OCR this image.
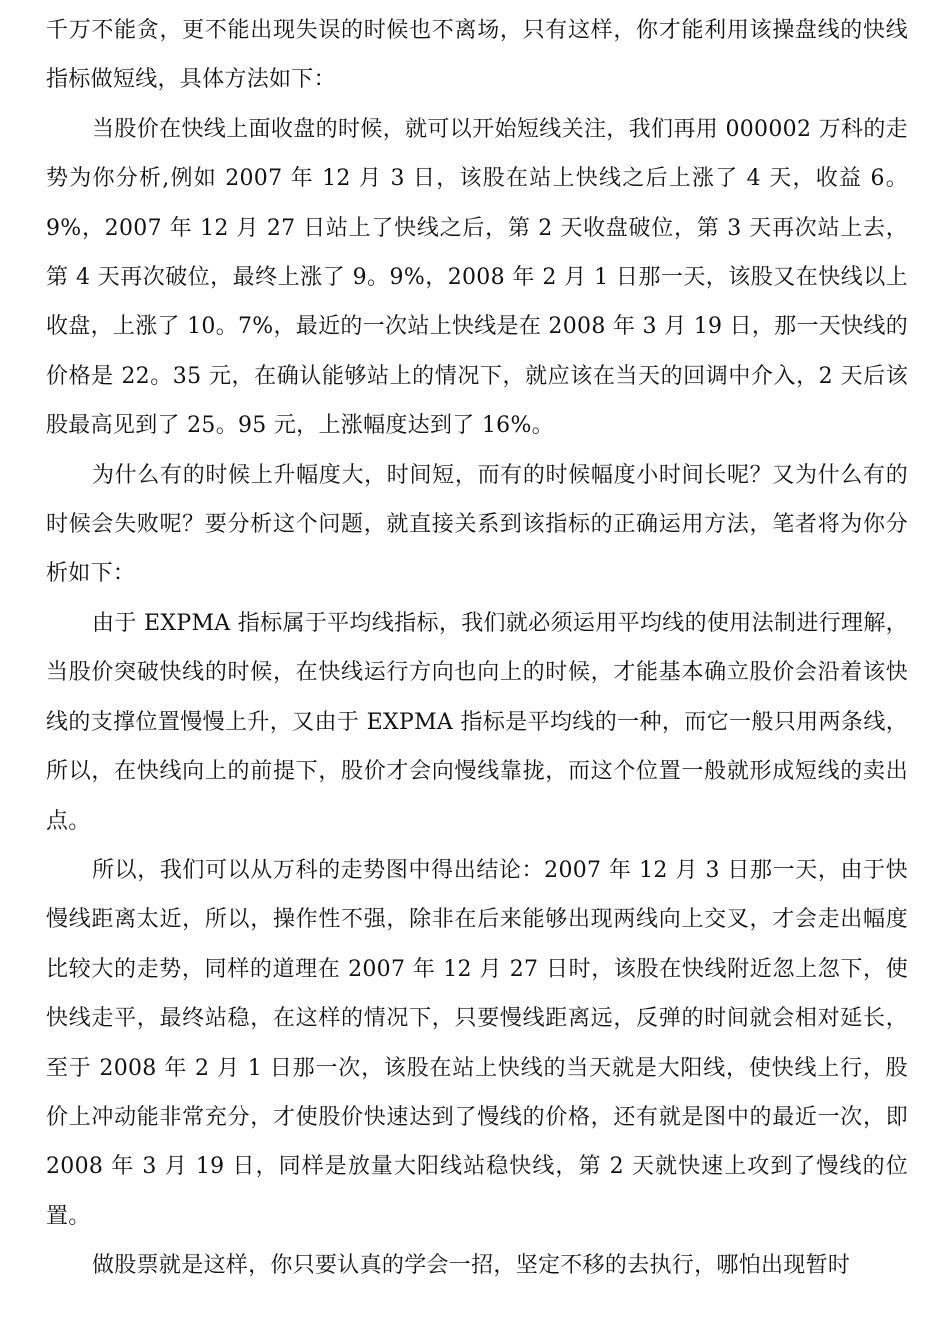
千万不能贪，更不能出现失误的时候也不离场，只有这样，你才能利用该操盘线的快线指标做短线，具体方法如下：

当股价在快线上面收盘的时候，就可以开始短线关注，我们再用 000002 万科的走势为你分析,例如 2007 年 12 月 3 日，该股在站上快线之后上涨了 4 天，收益 6。9%，2007 年 12 月 27 日站上了快线之后，第 2 天收盘破位，第 3 天再次站上去，第 4 天再次破位，最终上涨了 9。9%，2008 年 2 月 1 日那一天，该股又在快线以上收盘，上涨了 10。7%，最近的一次站上快线是在 2008 年 3 月 19 日，那一天快线的价格是 22。35 元，在确认能够站上的情况下，就应该在当天的回调中介入，2 天后该股最高见到了 25。95 元，上涨幅度达到了 16%。

为什么有的时候上升幅度大，时间短，而有的时候幅度小时间长呢？又为什么有的时候会失败呢？要分析这个问题，就直接关系到该指标的正确运用方法，笔者将为你分析如下：

由于 EXPMA 指标属于平均线指标，我们就必须运用平均线的使用法制进行理解，当股价突破快线的时候，在快线运行方向也向上的时候，才能基本确立股价会沿着该快线的支撑位置慢慢上升，又由于 EXPMA 指标是平均线的一种，而它一般只用两条线，所以，在快线向上的前提下，股价才会向慢线靠拢，而这个位置一般就形成短线的卖出点。

所以，我们可以从万科的走势图中得出结论：2007 年 12 月 3 日那一天，由于快慢线距离太近，所以，操作性不强，除非在后来能够出现两线向上交叉，才会走出幅度比较大的走势，同样的道理在 2007 年 12 月 27 日时，该股在快线附近忽上忽下，使快线走平，最终站稳，在这样的情况下，只要慢线距离远，反弹的时间就会相对延长，至于 2008 年 2 月 1 日那一次，该股在站上快线的当天就是大阳线，使快线上行，股价上冲动能非常充分，才使股价快速达到了慢线的价格，还有就是图中的最近一次，即 2008 年 3 月 19 日，同样是放量大阳线站稳快线，第 2 天就快速上攻到了慢线的位置。

做股票就是这样，你只要认真的学会一招，坚定不移的去执行，哪怕出现暂时
